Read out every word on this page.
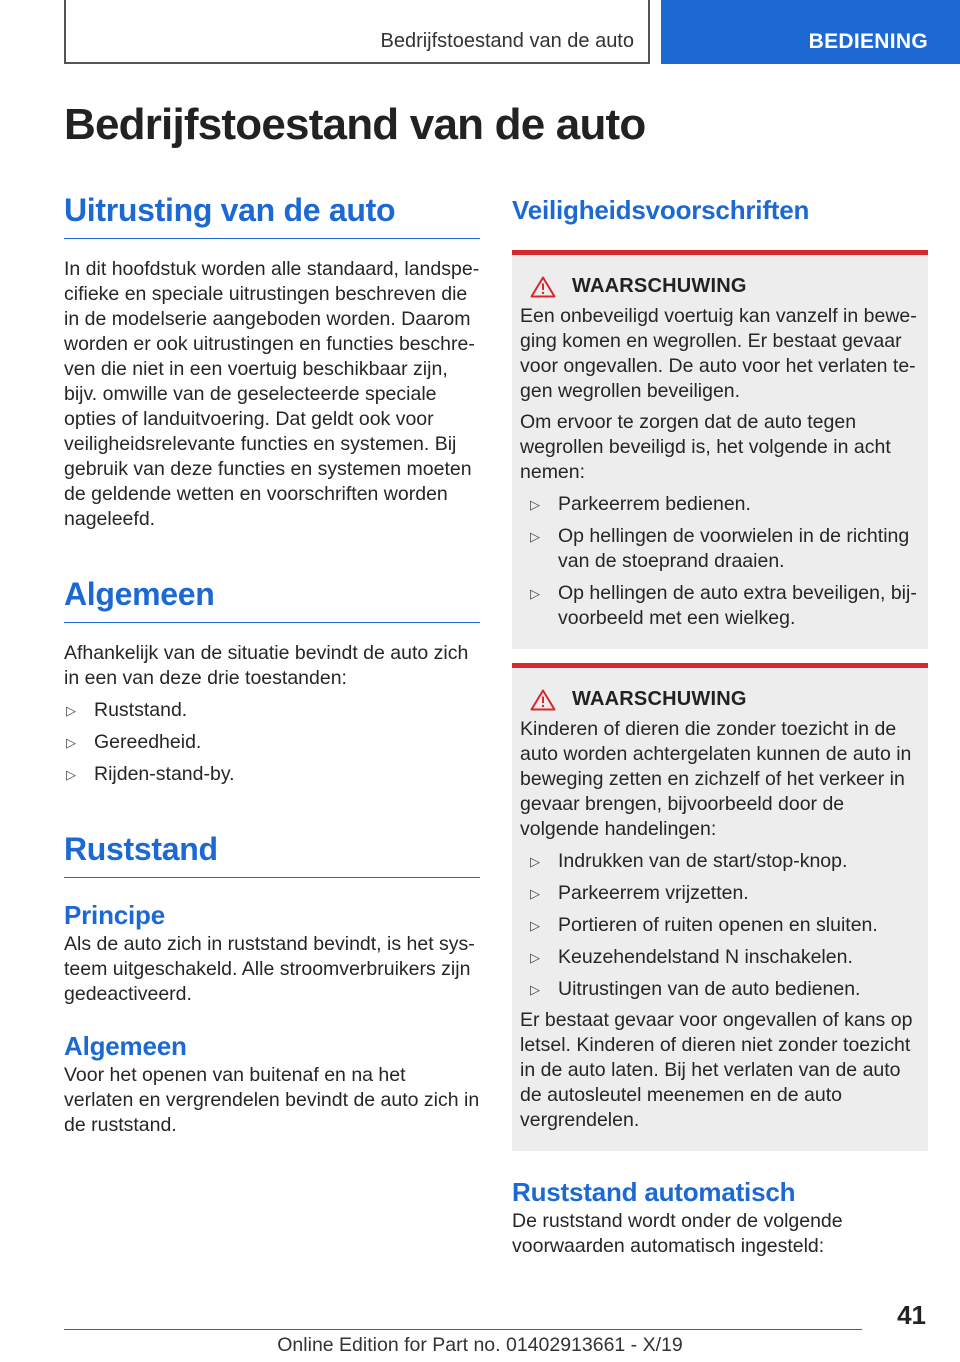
Bedrijfstoestand van de auto	BEDIENING
Bedrijfstoestand van de auto
Uitrusting van de auto

In dit hoofdstuk worden alle standaard, landspecifieke en speciale uitrustingen beschreven die in de modelserie aangeboden worden. Daarom worden er ook uitrustingen en functies beschreven die niet in een voertuig beschikbaar zijn, bijv. omwille van de geselecteerde speciale opties of landuitvoering. Dat geldt ook voor veiligheidsrelevante functies en systemen. Bij gebruik van deze functies en systemen moeten de geldende wetten en voorschriften worden nageleefd.

Algemeen

Afhankelijk van de situatie bevindt de auto zich in een van deze drie toestanden:

▷ Ruststand.
▷ Gereedheid.
▷ Rijden-stand-by.
Ruststand
Principe

Als de auto zich in ruststand bevindt, is het systeem uitgeschakeld. Alle stroomverbruikers zijn gedeactiveerd.

Algemeen

Voor het openen van buitenaf en na het verlaten en vergrendelen bevindt de auto zich in de ruststand.

Veiligheidsvoorschriften
WAARSCHUWING

Een onbeveiligd voertuig kan vanzelf in beweging komen en wegrollen. Er bestaat gevaar voor ongevallen. De auto voor het verlaten tegen wegrollen beveiligen.

Om ervoor te zorgen dat de auto tegen wegrollen beveiligd is, het volgende in acht nemen:

▷ Parkeerrem bedienen.
▷ Op hellingen de voorwielen in de richting van de stoeprand draaien.
▷ Op hellingen de auto extra beveiligen, bijvoorbeeld met een wielkeg.
WAARSCHUWING

Kinderen of dieren die zonder toezicht in de auto worden achtergelaten kunnen de auto in beweging zetten en zichzelf of het verkeer in gevaar brengen, bijvoorbeeld door de volgende handelingen:

▷ Indrukken van de start/stop-knop.
▷ Parkeerrem vrijzetten.
▷ Portieren of ruiten openen en sluiten.
▷ Keuzehendelstand N inschakelen.
▷ Uitrustingen van de auto bedienen.

Er bestaat gevaar voor ongevallen of kans op letsel. Kinderen of dieren niet zonder toezicht in de auto laten. Bij het verlaten van de auto de autosleutel meenemen en de auto vergrendelen.

Ruststand automatisch

De ruststand wordt onder de volgende voorwaarden automatisch ingesteld:

41
Online Edition for Part no. 01402913661 - X/19
